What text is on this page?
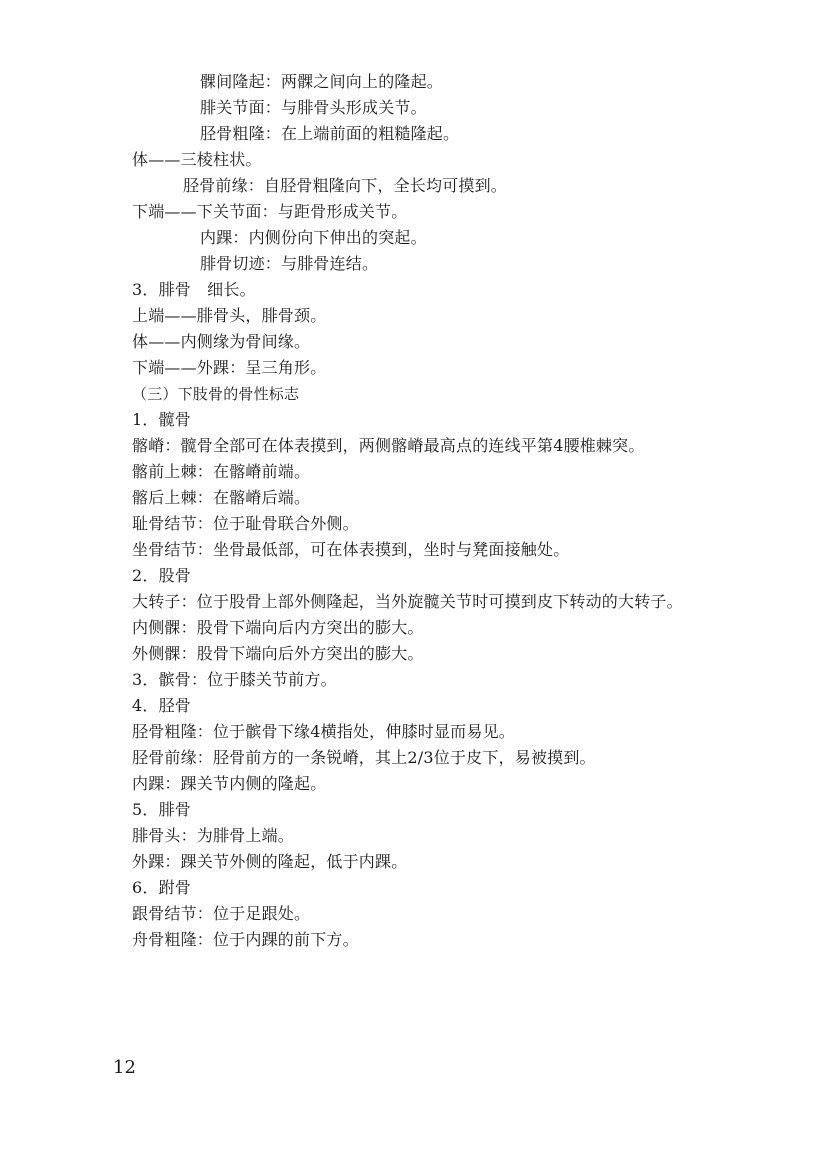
髁间隆起：两髁之间向上的隆起。
腓关节面：与腓骨头形成关节。
胫骨粗隆：在上端前面的粗糙隆起。
体——三棱柱状。
胫骨前缘：自胫骨粗隆向下，全长均可摸到。
下端——下关节面：与距骨形成关节。
内踝：内侧份向下伸出的突起。
腓骨切迹：与腓骨连结。
3．腓骨　细长。
上端——腓骨头，腓骨颈。
体——内侧缘为骨间缘。
下端——外踝：呈三角形。
（三）下肢骨的骨性标志
1．髋骨
髂嵴：髋骨全部可在体表摸到，两侧髂嵴最高点的连线平第4腰椎棘突。
髂前上棘：在髂嵴前端。
髂后上棘：在髂嵴后端。
耻骨结节：位于耻骨联合外侧。
坐骨结节：坐骨最低部，可在体表摸到，坐时与凳面接触处。
2．股骨
大转子：位于股骨上部外侧隆起，当外旋髋关节时可摸到皮下转动的大转子。
内侧髁：股骨下端向后内方突出的膨大。
外侧髁：股骨下端向后外方突出的膨大。
3．髌骨：位于膝关节前方。
4．胫骨
胫骨粗隆：位于髌骨下缘4横指处，伸膝时显而易见。
胫骨前缘：胫骨前方的一条锐嵴，其上2/3位于皮下，易被摸到。
内踝：踝关节内侧的隆起。
5．腓骨
腓骨头：为腓骨上端。
外踝：踝关节外侧的隆起，低于内踝。
6．跗骨
跟骨结节：位于足跟处。
舟骨粗隆：位于内踝的前下方。
12
